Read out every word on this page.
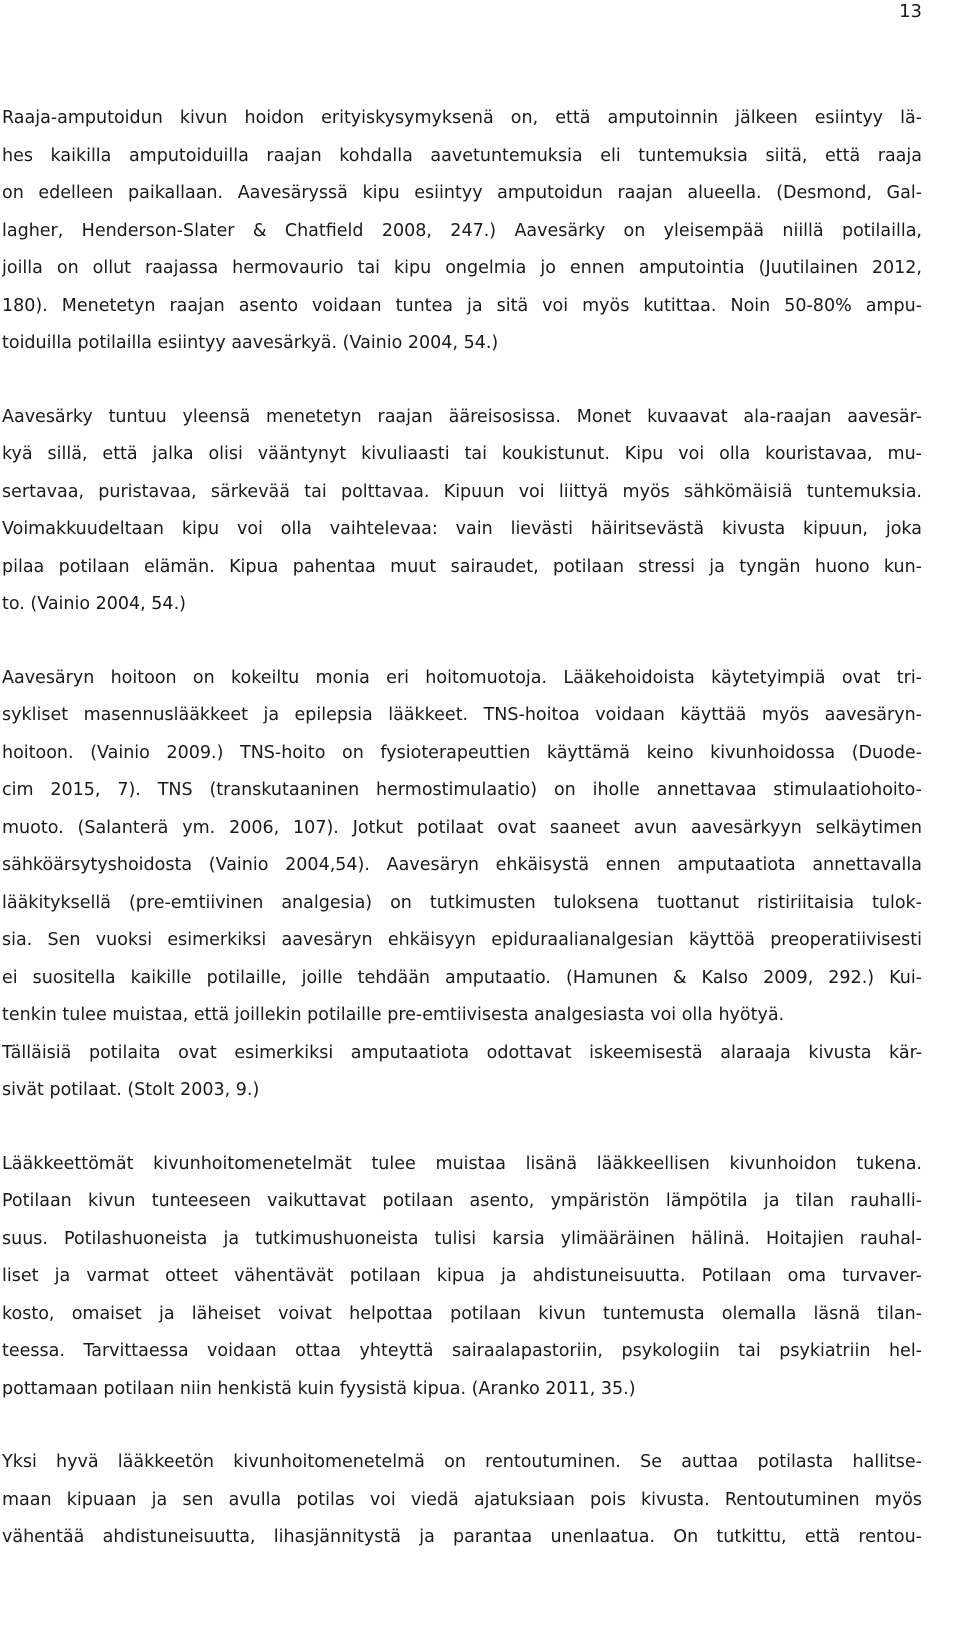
13
Raaja-amputoidun kivun hoidon erityiskysymyksenä on, että amputoinnin jälkeen esiintyy lä-
hes kaikilla amputoiduilla raajan kohdalla aavetuntemuksia eli tuntemuksia siitä, että raaja
on edelleen paikallaan. Aavesäryssä kipu esiintyy amputoidun raajan alueella. (Desmond, Gal-
lagher, Henderson-Slater & Chatfield 2008, 247.) Aavesärky on yleisempää niillä potilailla,
joilla on ollut raajassa hermovaurio tai kipu ongelmia jo ennen amputointia (Juutilainen 2012,
180). Menetetyn raajan asento voidaan tuntea ja sitä voi myös kutittaa. Noin 50-80% ampu-
toiduilla potilailla esiintyy aavesärkyä. (Vainio 2004, 54.)
Aavesärky tuntuu yleensä menetetyn raajan ääreisosissa. Monet kuvaavat ala-raajan aavesär-
kyä sillä, että jalka olisi vääntynyt kivuliaasti tai koukistunut. Kipu voi olla kouristavaa, mu-
sertavaa, puristavaa, särkevää tai polttavaa. Kipuun voi liittyä myös sähkömäisiä tuntemuksia.
Voimakkuudeltaan kipu voi olla vaihtelevaa: vain lievästi häiritsevästä kivusta kipuun, joka
pilaa potilaan elämän. Kipua pahentaa muut sairaudet, potilaan stressi ja tyngän huono kun-
to. (Vainio 2004, 54.)
Aavesäryn hoitoon on kokeiltu monia eri hoitomuotoja. Lääkehoidoista käytetyimpiä ovat tri-
sykliset masennuslääkkeet ja epilepsia lääkkeet. TNS-hoitoa voidaan käyttää myös aavesäryn-
hoitoon. (Vainio 2009.) TNS-hoito on fysioterapeuttien käyttämä keino kivunhoidossa (Duode-
cim 2015, 7). TNS (transkutaaninen hermostimulaatio) on iholle annettavaa stimulaatiohoito-
muoto. (Salanterä ym. 2006, 107). Jotkut potilaat ovat saaneet avun aavesärkyyn selkäytimen
sähköärsytyshoidosta (Vainio 2004,54). Aavesäryn ehkäisystä ennen amputaatiota annettavalla
lääkityksellä (pre-emtiivinen analgesia) on tutkimusten tuloksena tuottanut ristiriitaisia tulok-
sia. Sen vuoksi esimerkiksi aavesäryn ehkäisyyn epiduraalianalgesian käyttöä preoperatiivisesti
ei suositella kaikille potilaille, joille tehdään amputaatio. (Hamunen & Kalso 2009, 292.) Kui-
tenkin tulee muistaa, että joillekin potilaille pre-emtiivisesta analgesiasta voi olla hyötyä.
Tälläisiä potilaita ovat esimerkiksi amputaatiota odottavat iskeemisestä alaraaja kivusta kär-
sivät potilaat. (Stolt 2003, 9.)
Lääkkeettömät kivunhoitomenetelmät tulee muistaa lisänä lääkkeellisen kivunhoidon tukena.
Potilaan kivun tunteeseen vaikuttavat potilaan asento, ympäristön lämpötila ja tilan rauhalli-
suus. Potilashuoneista ja tutkimushuoneista tulisi karsia ylimääräinen hälinä. Hoitajien rauhal-
liset ja varmat otteet vähentävät potilaan kipua ja ahdistuneisuutta. Potilaan oma turvaver-
kosto, omaiset ja läheiset voivat helpottaa potilaan kivun tuntemusta olemalla läsnä tilan-
teessa. Tarvittaessa voidaan ottaa yhteyttä sairaalapastoriin, psykologiin tai psykiatriin hel-
pottamaan potilaan niin henkistä kuin fyysistä kipua. (Aranko 2011, 35.)
Yksi hyvä lääkkeetön kivunhoitomenetelmä on rentoutuminen. Se auttaa potilasta hallitse-
maan kipuaan ja sen avulla potilas voi viedä ajatuksiaan pois kivusta. Rentoutuminen myös
vähentää ahdistuneisuutta, lihasjännitystä ja parantaa unenlaatua. On tutkittu, että rentou-
